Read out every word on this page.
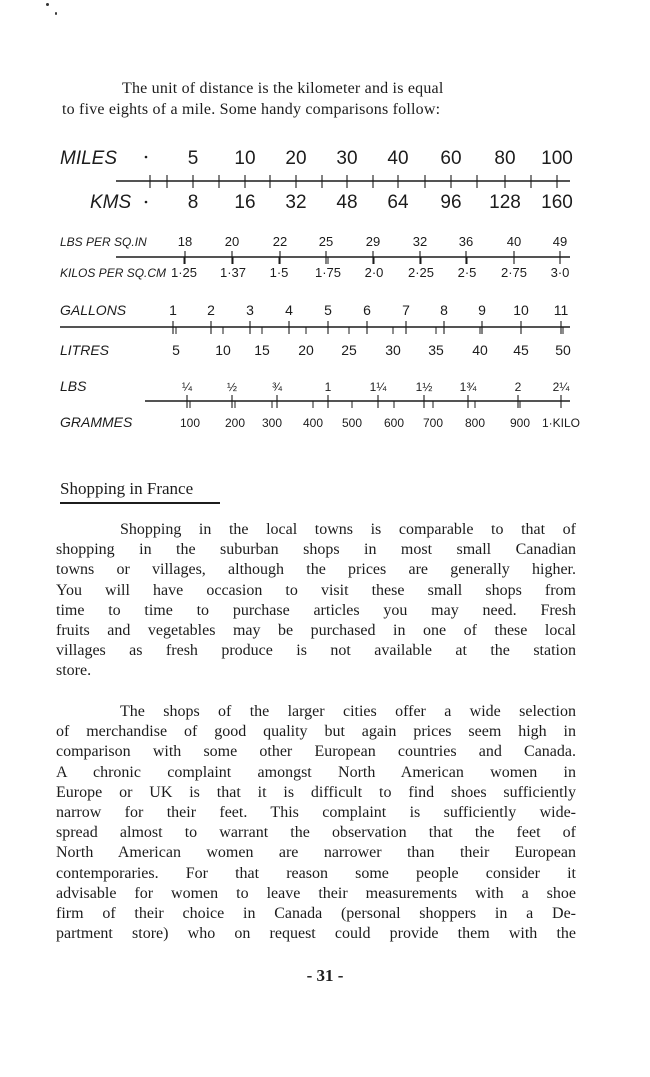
The unit of distance is the kilometer and is equal
to five eights of a mile. Some handy comparisons follow:
MILES
KMS
5 10 20 30 40 60 80 100
8 16 32 48 64 96 128 160
LBS PER SQ.IN
KILOS PER SQ.CM
18	20	22 25	29	32 36	40 49
1·25 1·37 1·5 1·75 2·0 2·25 2·5 2·75 3·0
GALLONS
LITRES
1 2 3 4 5 6 7 8 9 10 11
5	10 15 20 25 30 35 40 45 50
LBS
GRAMMES
¼	½	¾	1	1¼ 1½ 1¾	2	2¼
100 200 300 400 500 600 700 800 900 1·KILO
Shopping in France
Shopping in the local towns is comparable to that of
shopping in the suburban shops in most small Canadian
towns or villages, although the prices are generally higher.
You will have occasion to visit these small shops from
time to time to purchase articles you may need. Fresh
fruits and vegetables may be purchased in one of these local
villages as fresh produce is not available at the station
store.
The shops of the larger cities offer a wide selection
of merchandise of good quality but again prices seem high in
comparison with some other European countries and Canada.
A chronic complaint amongst North American women in
Europe or UK is that it is difficult to find shoes sufficiently
narrow for their feet. This complaint is sufficiently wide-
spread almost to warrant the observation that the feet of
North American women are narrower than their European
contemporaries. For that reason some people consider it
advisable for women to leave their measurements with a shoe
firm of their choice in Canada (personal shoppers in a De-
partment store) who on request could provide them with the
- 31 -
